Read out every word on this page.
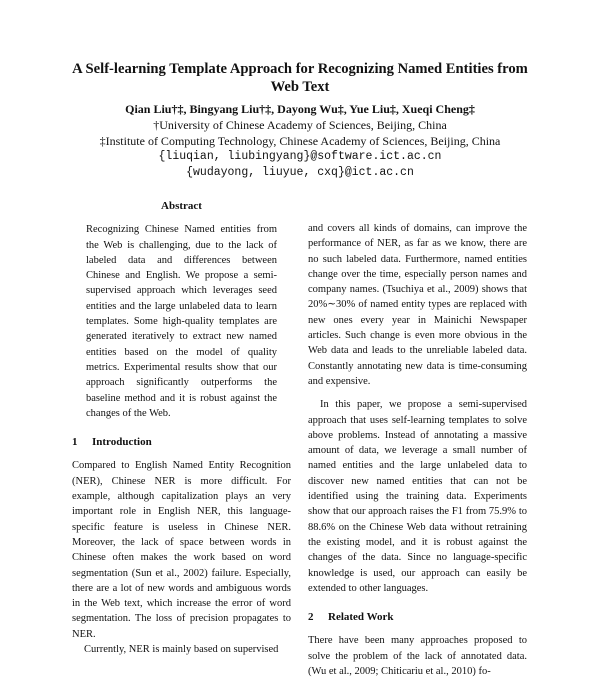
A Self-learning Template Approach for Recognizing Named Entities from Web Text
Qian Liu†‡, Bingyang Liu†‡, Dayong Wu‡, Yue Liu‡, Xueqi Cheng‡
†University of Chinese Academy of Sciences, Beijing, China
‡Institute of Computing Technology, Chinese Academy of Sciences, Beijing, China
{liuqian, liubingyang}@software.ict.ac.cn
{wudayong, liuyue, cxq}@ict.ac.cn
Abstract

Recognizing Chinese Named entities from the Web is challenging, due to the lack of labeled data and differences between Chinese and English. We propose a semi-supervised approach which leverages seed entities and the large unlabeled data to learn templates. Some high-quality templates are generated iteratively to extract new named entities based on the model of quality metrics. Experimental results show that our approach significantly outperforms the baseline method and it is robust against the changes of the Web.

1 Introduction

Compared to English Named Entity Recognition (NER), Chinese NER is more difficult. For example, although capitalization plays an very important role in English NER, this language-specific feature is useless in Chinese NER. Moreover, the lack of space between words in Chinese often makes the work based on word segmentation (Sun et al., 2002) failure. Especially, there are a lot of new words and ambiguous words in the Web text, which increase the error of word segmentation. The loss of precision propagates to NER.

Currently, NER is mainly based on supervised

and covers all kinds of domains, can improve the performance of NER, as far as we know, there are no such labeled data. Furthermore, named entities change over the time, especially person names and company names. (Tsuchiya et al., 2009) shows that 20%∼30% of named entity types are replaced with new ones every year in Mainichi Newspaper articles. Such change is even more obvious in the Web data and leads to the unreliable labeled data. Constantly annotating new data is time-consuming and expensive.

In this paper, we propose a semi-supervised approach that uses self-learning templates to solve above problems. Instead of annotating a massive amount of data, we leverage a small number of named entities and the large unlabeled data to discover new named entities that can not be identified using the training data. Experiments show that our approach raises the F1 from 75.9% to 88.6% on the Chinese Web data without retraining the existing model, and it is robust against the changes of the data. Since no language-specific knowledge is used, our approach can easily be extended to other languages.

2 Related Work

There have been many approaches proposed to solve the problem of the lack of annotated data. (Wu et al., 2009; Chiticariu et al., 2010) fo-
